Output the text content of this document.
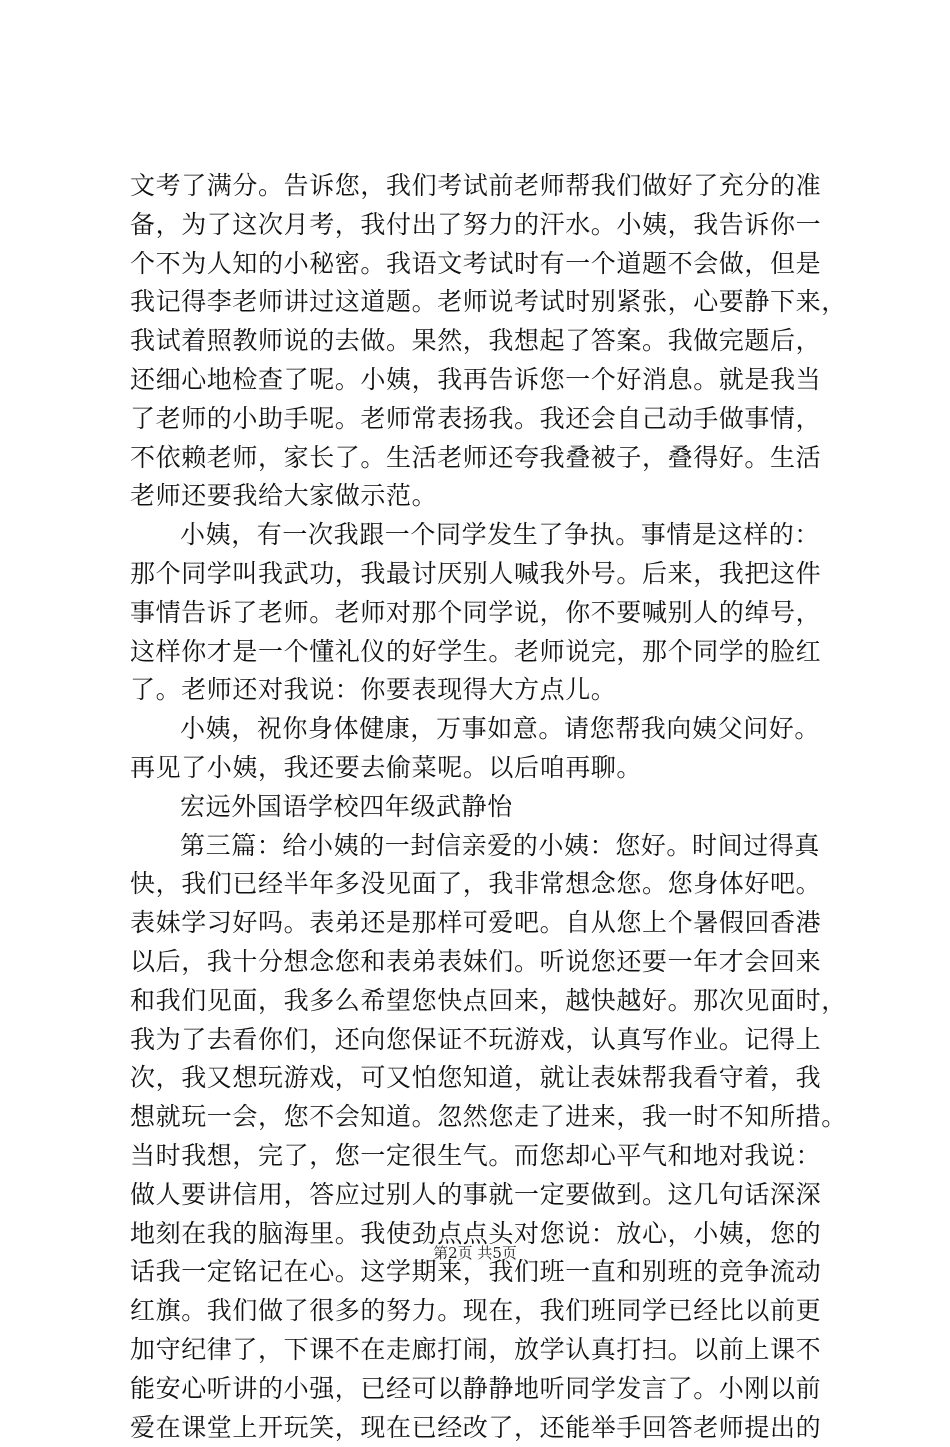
文考了满分。告诉您，我们考试前老师帮我们做好了充分的准
备，为了这次月考，我付出了努力的汗水。小姨，我告诉你一
个不为人知的小秘密。我语文考试时有一个道题不会做，但是
我记得李老师讲过这道题。老师说考试时别紧张，心要静下来，
我试着照教师说的去做。果然，我想起了答案。我做完题后，
还细心地检查了呢。小姨，我再告诉您一个好消息。就是我当
了老师的小助手呢。老师常表扬我。我还会自己动手做事情，
不依赖老师，家长了。生活老师还夸我叠被子，叠得好。生活
老师还要我给大家做示范。
小姨，有一次我跟一个同学发生了争执。事情是这样的：
那个同学叫我武功，我最讨厌别人喊我外号。后来，我把这件
事情告诉了老师。老师对那个同学说，你不要喊别人的绰号，
这样你才是一个懂礼仪的好学生。老师说完，那个同学的脸红
了。老师还对我说：你要表现得大方点儿。
小姨，祝你身体健康，万事如意。请您帮我向姨父问好。
再见了小姨，我还要去偷菜呢。以后咱再聊。
宏远外国语学校四年级武静怡
第三篇：给小姨的一封信亲爱的小姨：您好。时间过得真
快，我们已经半年多没见面了，我非常想念您。您身体好吧。
表妹学习好吗。表弟还是那样可爱吧。自从您上个暑假回香港
以后，我十分想念您和表弟表妹们。听说您还要一年才会回来
和我们见面，我多么希望您快点回来，越快越好。那次见面时，
我为了去看你们，还向您保证不玩游戏，认真写作业。记得上
次，我又想玩游戏，可又怕您知道，就让表妹帮我看守着，我
想就玩一会，您不会知道。忽然您走了进来，我一时不知所措。
当时我想，完了，您一定很生气。而您却心平气和地对我说：
做人要讲信用，答应过别人的事就一定要做到。这几句话深深
地刻在我的脑海里。我使劲点点头对您说：放心，小姨，您的
话我一定铭记在心。这学期来，我们班一直和别班的竞争流动
红旗。我们做了很多的努力。现在，我们班同学已经比以前更
加守纪律了，下课不在走廊打闹，放学认真打扫。以前上课不
能安心听讲的小强，已经可以静静地听同学发言了。小刚以前
爱在课堂上开玩笑，现在已经改了，还能举手回答老师提出的
第2页 共5页
